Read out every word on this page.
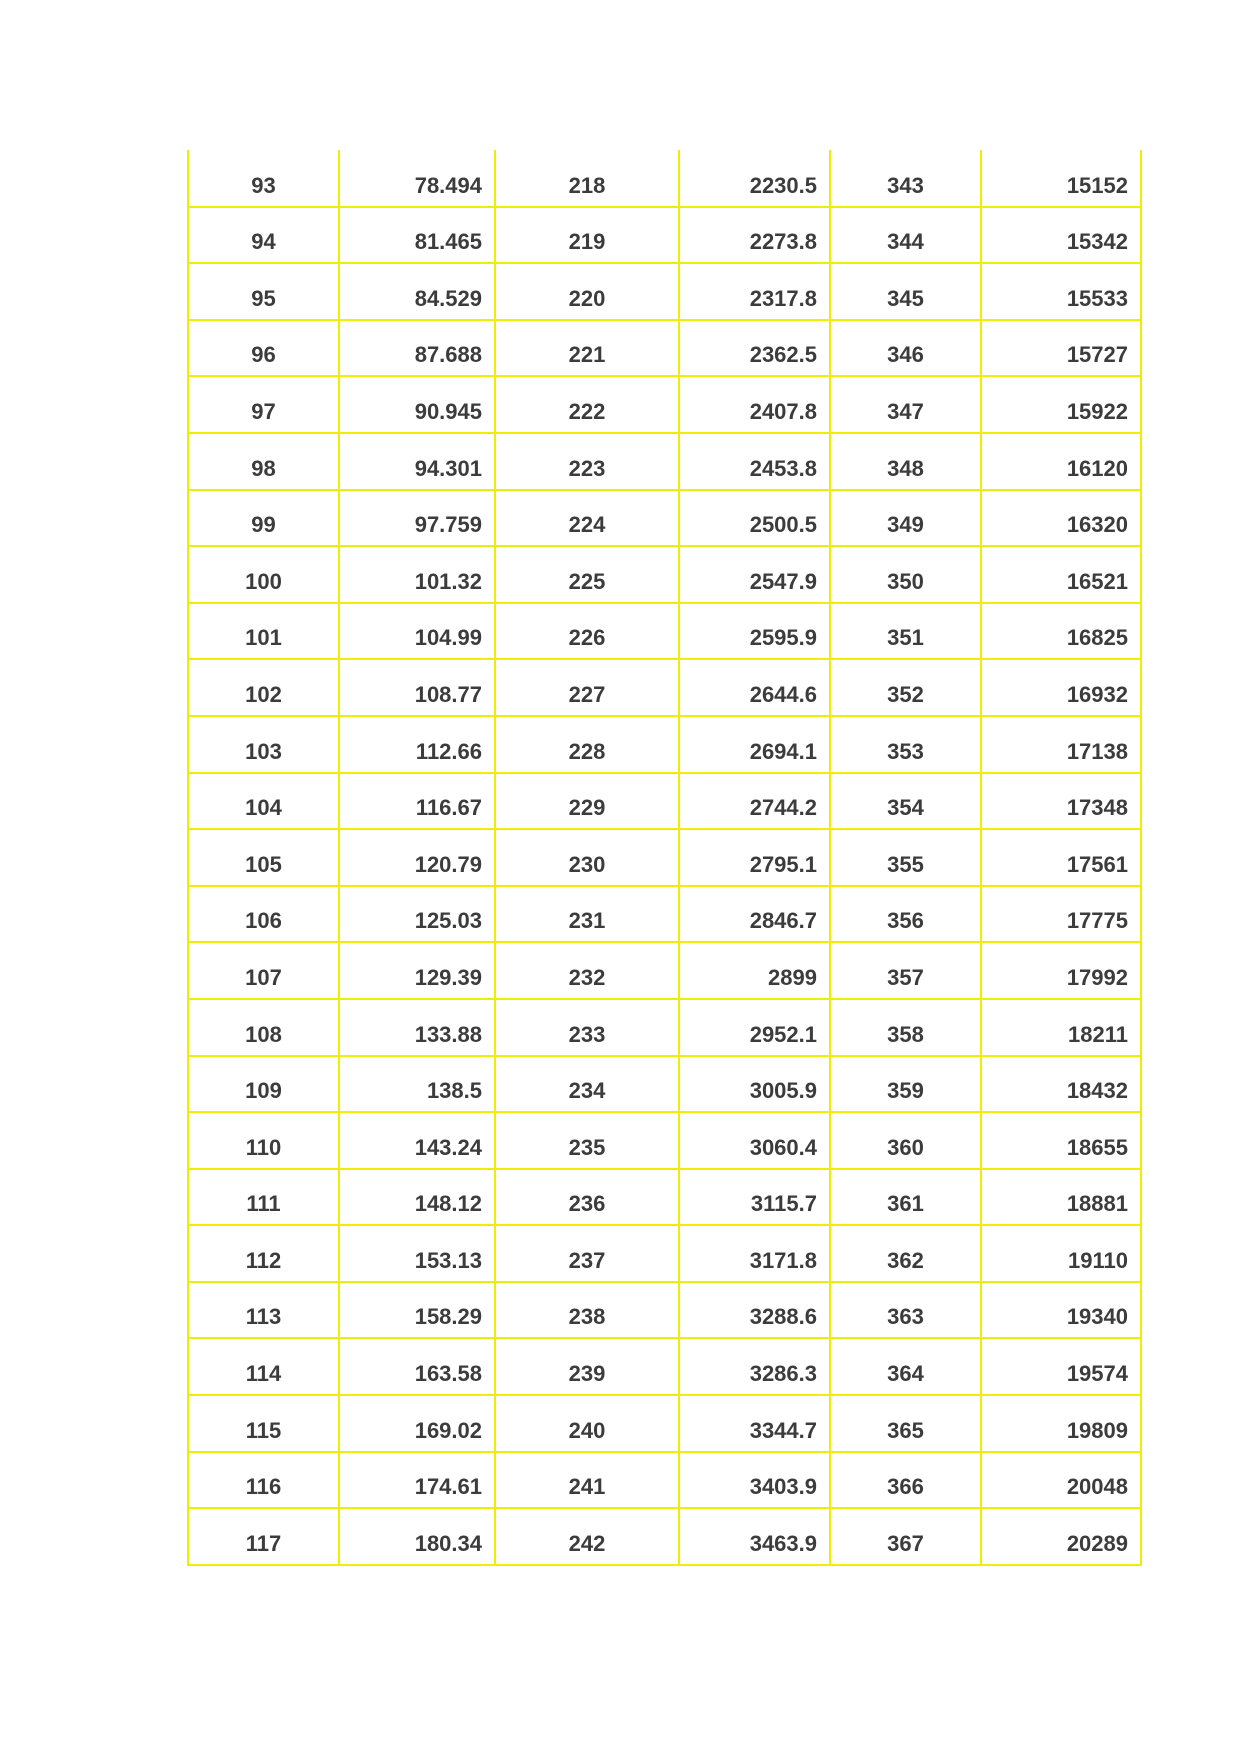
93	78.494	218	2230.5	343	15152
94	81.465	219	2273.8	344	15342
95	84.529	220	2317.8	345	15533
96	87.688	221	2362.5	346	15727
97	90.945	222	2407.8	347	15922
98	94.301	223	2453.8	348	16120
99	97.759	224	2500.5	349	16320
100	101.32	225	2547.9	350	16521
101	104.99	226	2595.9	351	16825
102	108.77	227	2644.6	352	16932
103	112.66	228	2694.1	353	17138
104	116.67	229	2744.2	354	17348
105	120.79	230	2795.1	355	17561
106	125.03	231	2846.7	356	17775
107	129.39	232	2899	357	17992
108	133.88	233	2952.1	358	18211
109	138.5	234	3005.9	359	18432
110	143.24	235	3060.4	360	18655
111	148.12	236	3115.7	361	18881
112	153.13	237	3171.8	362	19110
113	158.29	238	3288.6	363	19340
114	163.58	239	3286.3	364	19574
115	169.02	240	3344.7	365	19809
116	174.61	241	3403.9	366	20048
117	180.34	242	3463.9	367	20289
